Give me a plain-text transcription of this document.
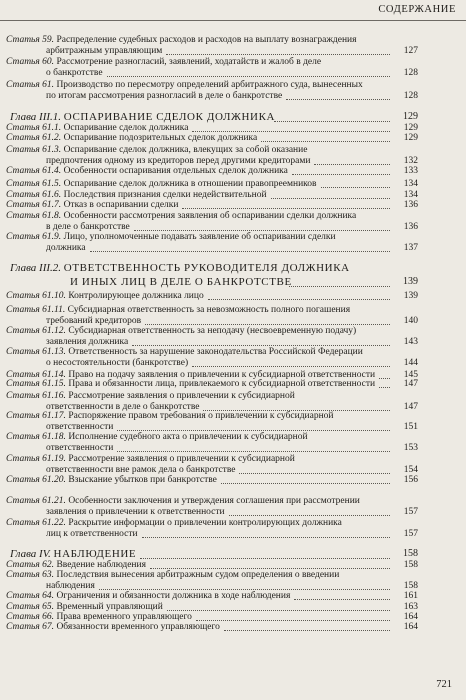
СОДЕРЖАНИЕ
Статья 59. Распределение судебных расходов и расходов на выплату вознаграждения
арбитражным управляющим	127
Статья 60. Рассмотрение разногласий, заявлений, ходатайств и жалоб в деле
о банкротстве	128
Статья 61. Производство по пересмотру определений арбитражного суда, вынесенных
по итогам рассмотрения разногласий в деле о банкротстве	128
Глава III.1. ОСПАРИВАНИЕ СДЕЛОК ДОЛЖНИКА	129
Статья 61.1. Оспаривание сделок должника	129
Статья 61.2. Оспаривание подозрительных сделок должника	129
Статья 61.3. Оспаривание сделок должника, влекущих за собой оказание
предпочтения одному из кредиторов перед другими кредиторами	132
Статья 61.4. Особенности оспаривания отдельных сделок должника	133
Статья 61.5. Оспаривание сделок должника в отношении правопреемников	134
Статья 61.6. Последствия признания сделки недействительной	134
Статья 61.7. Отказ в оспаривании сделки	136
Статья 61.8. Особенности рассмотрения заявления об оспаривании сделки должника
в деле о банкротстве	136
Статья 61.9. Лицо, уполномоченные подавать заявление об оспаривании сделки
должника	137
Глава III.2. ОТВЕТСТВЕННОСТЬ РУКОВОДИТЕЛЯ ДОЛЖНИКА
И ИНЫХ ЛИЦ В ДЕЛЕ О БАНКРОТСТВЕ	139
Статья 61.10. Контролирующее должника лицо	139
Статья 61.11. Субсидиарная ответственность за невозможность полного погашения
требований кредиторов	140
Статья 61.12. Субсидиарная ответственность за неподачу (несвоевременную подачу)
заявления должника	143
Статья 61.13. Ответственность за нарушение законодательства Российской Федерации
о несостоятельности (банкротстве)	144
Статья 61.14. Право на подачу заявления о привлечении к субсидиарной ответственности	145
Статья 61.15. Права и обязанности лица, привлекаемого к субсидиарной ответственности	147
Статья 61.16. Рассмотрение заявления о привлечении к субсидиарной
ответственности в деле о банкротстве	147
Статья 61.17. Распоряжение правом требования о привлечении к субсидиарной
ответственности	151
Статья 61.18. Исполнение судебного акта о привлечении к субсидиарной
ответственности	153
Статья 61.19. Рассмотрение заявления о привлечении к субсидиарной
ответственности вне рамок дела о банкротстве	154
Статья 61.20. Взыскание убытков при банкротстве	156
Статья 61.21. Особенности заключения и утверждения соглашения при рассмотрении
заявления о привлечении к ответственности	157
Статья 61.22. Раскрытие информации о привлечении контролирующих должника
лиц к ответственности	157
Глава IV. НАБЛЮДЕНИЕ	158
Статья 62. Введение наблюдения	158
Статья 63. Последствия вынесения арбитражным судом определения о введении
наблюдения	158
Статья 64. Ограничения и обязанности должника в ходе наблюдения	161
Статья 65. Временный управляющий	163
Статья 66. Права временного управляющего	164
Статья 67. Обязанности временного управляющего	164
721
